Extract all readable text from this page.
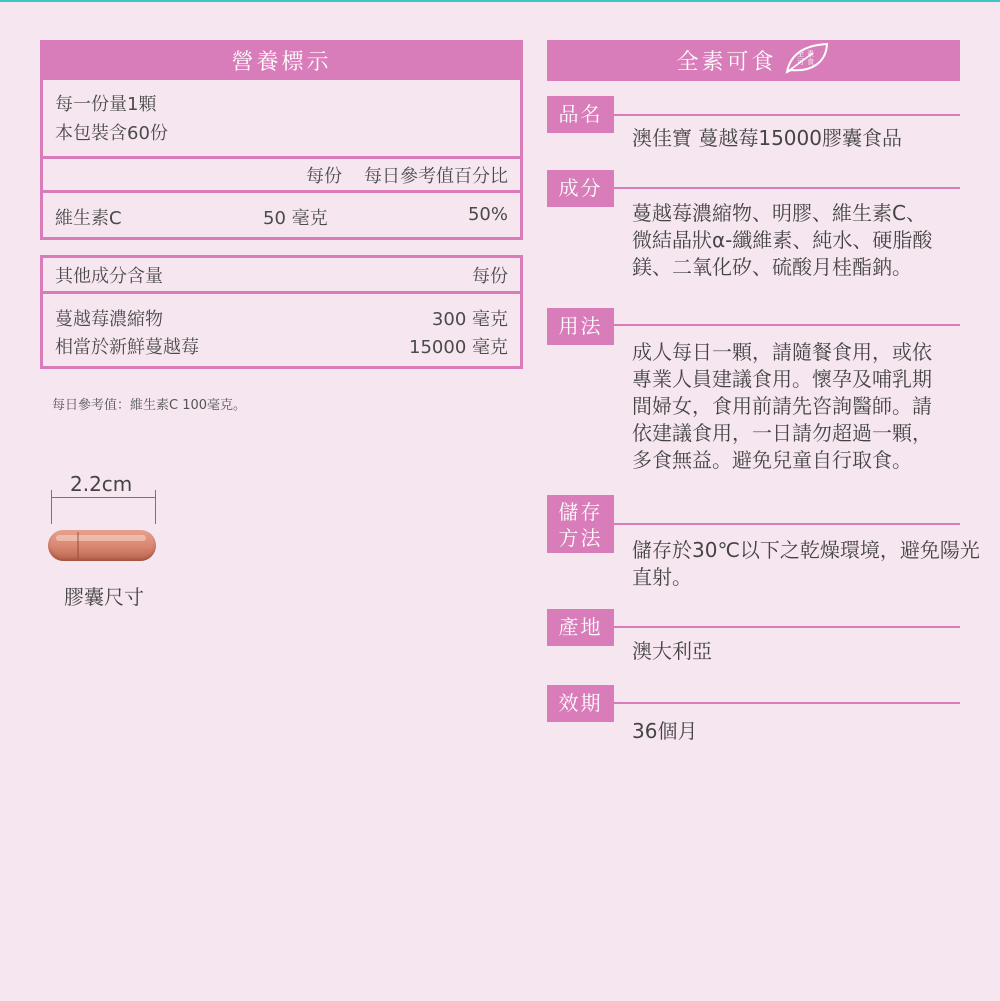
營養標示
每一份量1顆
本包裝含60份
每份 每日參考值百分比
維生素C	50 毫克	50%
其他成分含量	每份
蔓越莓濃縮物	300 毫克
相當於新鮮蔓越莓	15000 毫克
每日參考值：維生素C 100毫克。
2.2cm
膠囊尺寸
全素可食	全素
可食
品名
澳佳寶 蔓越莓15000膠囊食品
成分
蔓越莓濃縮物、明膠、維生素C、
微結晶狀α-纖維素、純水、硬脂酸
鎂、二氧化矽、硫酸月桂酯鈉。
用法
成人每日一顆，請隨餐食用，或依
專業人員建議食用。懷孕及哺乳期
間婦女，食用前請先咨詢醫師。請
依建議食用，一日請勿超過一顆，
多食無益。避免兒童自行取食。
儲存
方法	儲存於30℃以下之乾燥環境，避免陽光
直射。
產地
澳大利亞
效期
36個月
